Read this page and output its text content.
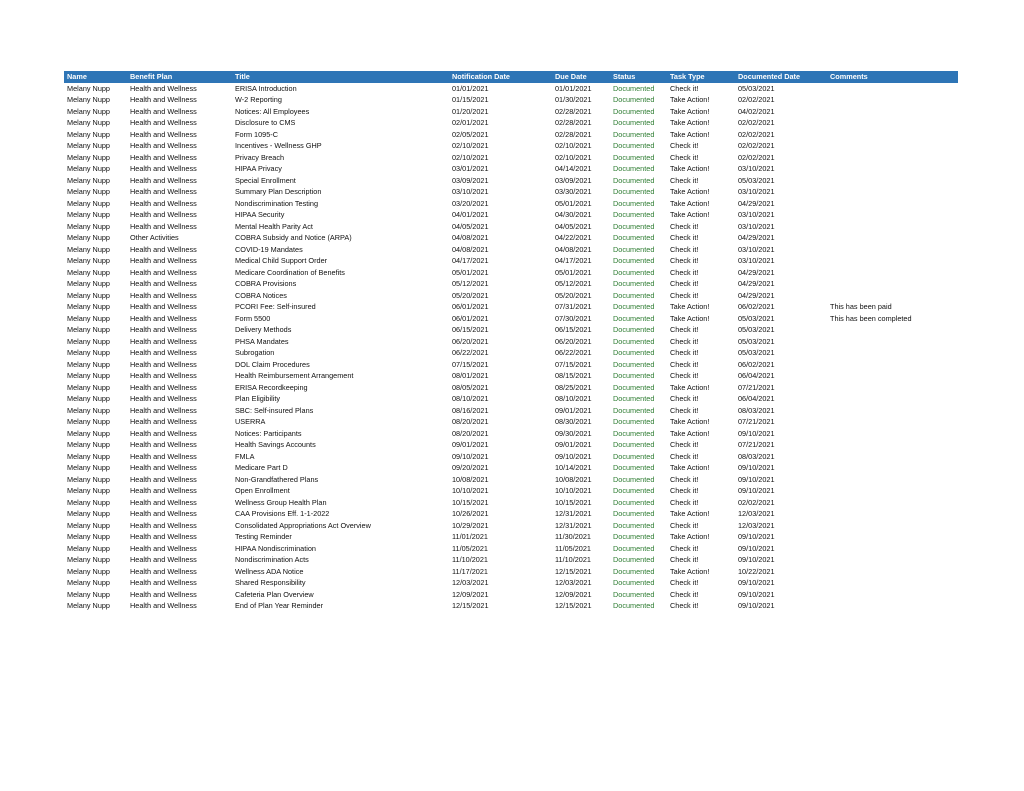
Name	Benefit Plan	Title	Notification Date	Due Date	Status	Task Type	Documented Date	Comments
Melany Nupp	Health and Wellness	ERISA Introduction	01/01/2021	01/01/2021	Documented	Check it!	05/03/2021	
Melany Nupp	Health and Wellness	W-2 Reporting	01/15/2021	01/30/2021	Documented	Take Action!	02/02/2021	
Melany Nupp	Health and Wellness	Notices: All Employees	01/20/2021	02/28/2021	Documented	Take Action!	04/02/2021	
Melany Nupp	Health and Wellness	Disclosure to CMS	02/01/2021	02/28/2021	Documented	Take Action!	02/02/2021	
Melany Nupp	Health and Wellness	Form 1095-C	02/05/2021	02/28/2021	Documented	Take Action!	02/02/2021	
Melany Nupp	Health and Wellness	Incentives - Wellness GHP	02/10/2021	02/10/2021	Documented	Check it!	02/02/2021	
Melany Nupp	Health and Wellness	Privacy Breach	02/10/2021	02/10/2021	Documented	Check it!	02/02/2021	
Melany Nupp	Health and Wellness	HIPAA Privacy	03/01/2021	04/14/2021	Documented	Take Action!	03/10/2021	
Melany Nupp	Health and Wellness	Special Enrollment	03/09/2021	03/09/2021	Documented	Check it!	05/03/2021	
Melany Nupp	Health and Wellness	Summary Plan Description	03/10/2021	03/30/2021	Documented	Take Action!	03/10/2021	
Melany Nupp	Health and Wellness	Nondiscrimination Testing	03/20/2021	05/01/2021	Documented	Take Action!	04/29/2021	
Melany Nupp	Health and Wellness	HIPAA Security	04/01/2021	04/30/2021	Documented	Take Action!	03/10/2021	
Melany Nupp	Health and Wellness	Mental Health Parity Act	04/05/2021	04/05/2021	Documented	Check it!	03/10/2021	
Melany Nupp	Other Activities	COBRA Subsidy and Notice (ARPA)	04/08/2021	04/22/2021	Documented	Check it!	04/29/2021	
Melany Nupp	Health and Wellness	COVID-19 Mandates	04/08/2021	04/08/2021	Documented	Check it!	03/10/2021	
Melany Nupp	Health and Wellness	Medical Child Support Order	04/17/2021	04/17/2021	Documented	Check it!	03/10/2021	
Melany Nupp	Health and Wellness	Medicare Coordination of Benefits	05/01/2021	05/01/2021	Documented	Check it!	04/29/2021	
Melany Nupp	Health and Wellness	COBRA Provisions	05/12/2021	05/12/2021	Documented	Check it!	04/29/2021	
Melany Nupp	Health and Wellness	COBRA Notices	05/20/2021	05/20/2021	Documented	Check it!	04/29/2021	
Melany Nupp	Health and Wellness	PCORI Fee: Self-insured	06/01/2021	07/31/2021	Documented	Take Action!	06/02/2021	This has been paid
Melany Nupp	Health and Wellness	Form 5500	06/01/2021	07/30/2021	Documented	Take Action!	05/03/2021	This has been completed
Melany Nupp	Health and Wellness	Delivery Methods	06/15/2021	06/15/2021	Documented	Check it!	05/03/2021	
Melany Nupp	Health and Wellness	PHSA Mandates	06/20/2021	06/20/2021	Documented	Check it!	05/03/2021	
Melany Nupp	Health and Wellness	Subrogation	06/22/2021	06/22/2021	Documented	Check it!	05/03/2021	
Melany Nupp	Health and Wellness	DOL Claim Procedures	07/15/2021	07/15/2021	Documented	Check it!	06/02/2021	
Melany Nupp	Health and Wellness	Health Reimbursement Arrangement	08/01/2021	08/15/2021	Documented	Check it!	06/04/2021	
Melany Nupp	Health and Wellness	ERISA Recordkeeping	08/05/2021	08/25/2021	Documented	Take Action!	07/21/2021	
Melany Nupp	Health and Wellness	Plan Eligibility	08/10/2021	08/10/2021	Documented	Check it!	06/04/2021	
Melany Nupp	Health and Wellness	SBC: Self-insured Plans	08/16/2021	09/01/2021	Documented	Check it!	08/03/2021	
Melany Nupp	Health and Wellness	USERRA	08/20/2021	08/30/2021	Documented	Take Action!	07/21/2021	
Melany Nupp	Health and Wellness	Notices: Participants	08/20/2021	09/30/2021	Documented	Take Action!	09/10/2021	
Melany Nupp	Health and Wellness	Health Savings Accounts	09/01/2021	09/01/2021	Documented	Check it!	07/21/2021	
Melany Nupp	Health and Wellness	FMLA	09/10/2021	09/10/2021	Documented	Check it!	08/03/2021	
Melany Nupp	Health and Wellness	Medicare Part D	09/20/2021	10/14/2021	Documented	Take Action!	09/10/2021	
Melany Nupp	Health and Wellness	Non-Grandfathered Plans	10/08/2021	10/08/2021	Documented	Check it!	09/10/2021	
Melany Nupp	Health and Wellness	Open Enrollment	10/10/2021	10/10/2021	Documented	Check it!	09/10/2021	
Melany Nupp	Health and Wellness	Wellness Group Health Plan	10/15/2021	10/15/2021	Documented	Check it!	02/02/2021	
Melany Nupp	Health and Wellness	CAA Provisions Eff. 1-1-2022	10/26/2021	12/31/2021	Documented	Take Action!	12/03/2021	
Melany Nupp	Health and Wellness	Consolidated Appropriations Act Overview	10/29/2021	12/31/2021	Documented	Check it!	12/03/2021	
Melany Nupp	Health and Wellness	Testing Reminder	11/01/2021	11/30/2021	Documented	Take Action!	09/10/2021	
Melany Nupp	Health and Wellness	HIPAA Nondiscrimination	11/05/2021	11/05/2021	Documented	Check it!	09/10/2021	
Melany Nupp	Health and Wellness	Nondiscrimination Acts	11/10/2021	11/10/2021	Documented	Check it!	09/10/2021	
Melany Nupp	Health and Wellness	Wellness ADA Notice	11/17/2021	12/15/2021	Documented	Take Action!	10/22/2021	
Melany Nupp	Health and Wellness	Shared Responsibility	12/03/2021	12/03/2021	Documented	Check it!	09/10/2021	
Melany Nupp	Health and Wellness	Cafeteria Plan Overview	12/09/2021	12/09/2021	Documented	Check it!	09/10/2021	
Melany Nupp	Health and Wellness	End of Plan Year Reminder	12/15/2021	12/15/2021	Documented	Check it!	09/10/2021	
